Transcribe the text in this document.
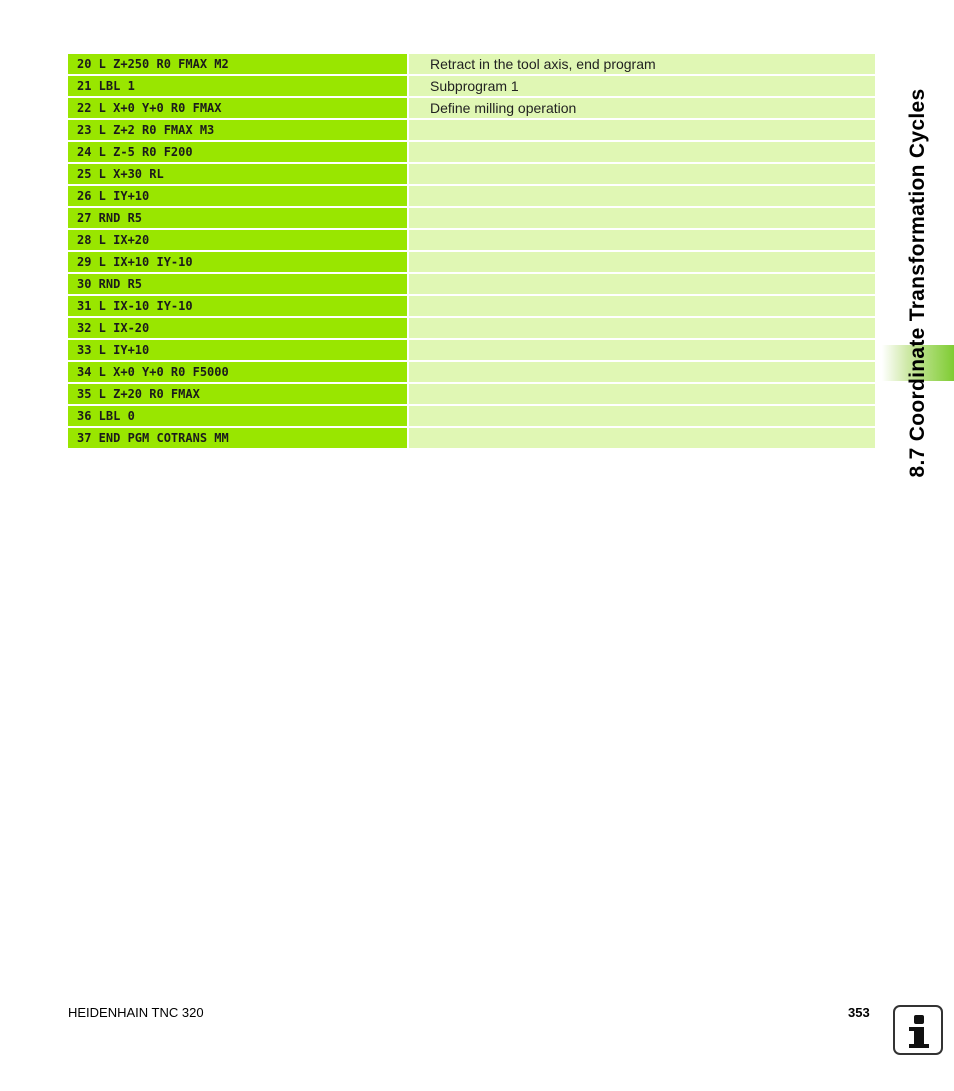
20 L Z+250 R0 FMAX M2	Retract in the tool axis, end program
21 LBL 1	Subprogram 1
22 L X+0 Y+0 R0 FMAX	Define milling operation
23 L Z+2 R0 FMAX M3	
24 L Z-5 R0 F200	
25 L X+30 RL	
26 L IY+10	
27 RND R5	
28 L IX+20	
29 L IX+10 IY-10	
30 RND R5	
31 L IX-10 IY-10	
32 L IX-20	
33 L IY+10	
34 L X+0 Y+0 R0 F5000	
35 L Z+20 R0 FMAX	
36 LBL 0	
37 END PGM COTRANS MM		8.7 Coordinate Transformation Cycles
HEIDENHAIN TNC 320	353
